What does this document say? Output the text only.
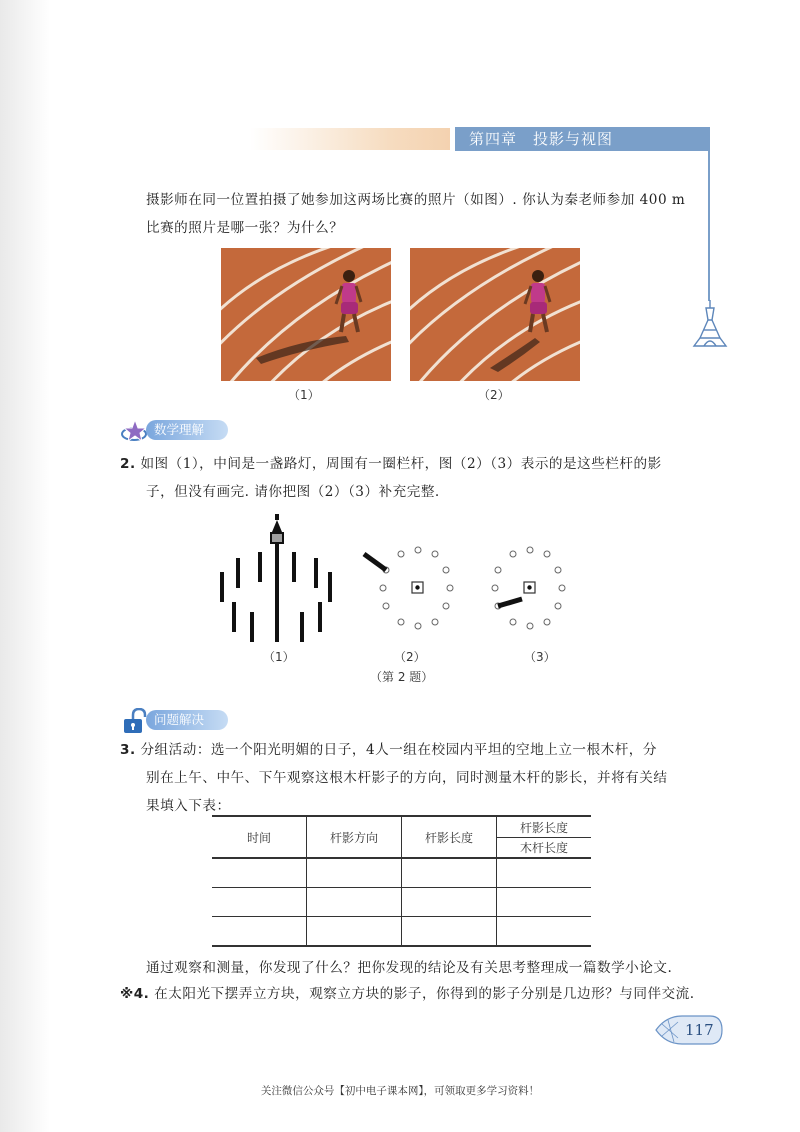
第四章　投影与视图
摄影师在同一位置拍摄了她参加这两场比赛的照片（如图）. 你认为秦老师参加 400 m
比赛的照片是哪一张？为什么？
（1）	（2）
数学理解
2. 如图（1），中间是一盏路灯，周围有一圈栏杆，图（2）（3）表示的是这些栏杆的影
子，但没有画完. 请你把图（2）（3）补充完整.
（1）	（2）	（3）
（第 2 题）
问题解决
3. 分组活动：选一个阳光明媚的日子，4人一组在校园内平坦的空地上立一根木杆，分
别在上午、中午、下午观察这根木杆影子的方向，同时测量木杆的影长，并将有关结
果填入下表：
时间	杆影方向	杆影长度	杆影长度
木杆长度

通过观察和测量，你发现了什么？把你发现的结论及有关思考整理成一篇数学小论文.
※4. 在太阳光下摆弄立方块，观察立方块的影子，你得到的影子分别是几边形？与同伴交流.
117
关注微信公众号【初中电子课本网】，可领取更多学习资料！
